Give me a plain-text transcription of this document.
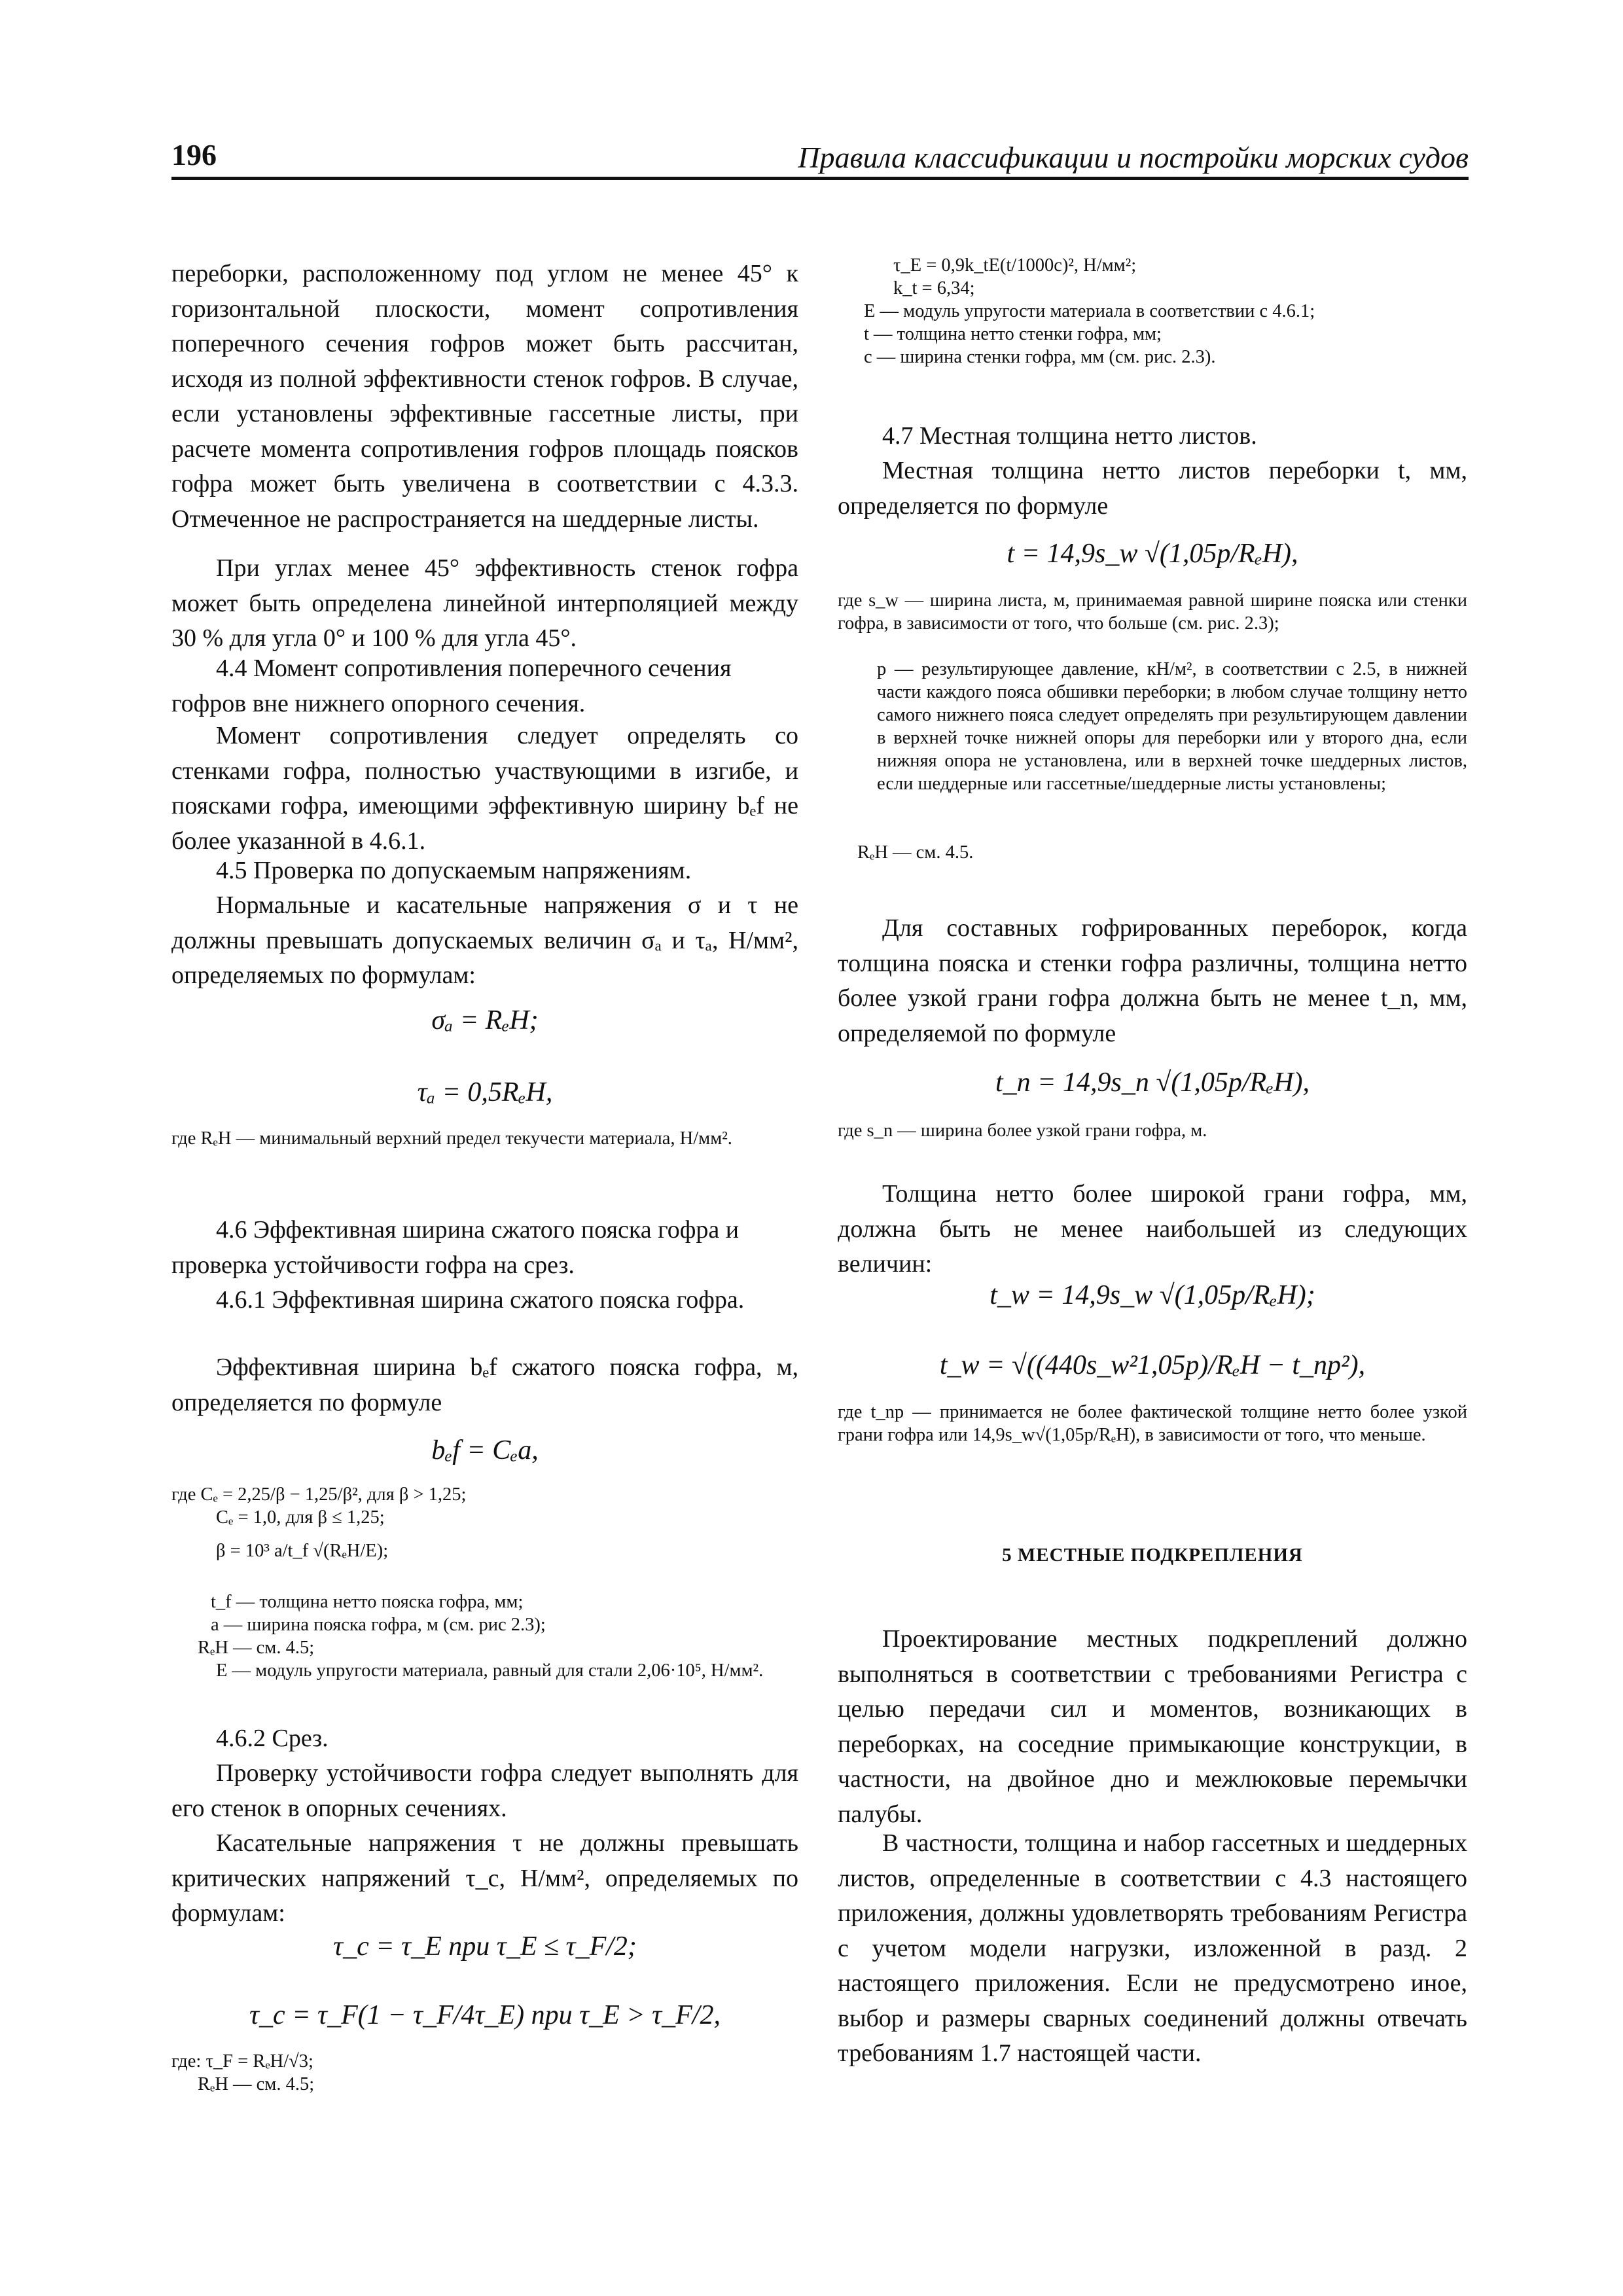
196	Правила классификации и постройки морских судов

переборки, расположенному под углом не менее 45° к горизонтальной плоскости, момент сопротивления поперечного сечения гофров может быть рассчитан, исходя из полной эффективности стенок гофров. В случае, если установлены эффективные гассетные листы, при расчете момента сопротивления гофров площадь поясков гофра может быть увеличена в соответствии с 4.3.3. Отмеченное не распространяется на шеддерные листы.

При углах менее 45° эффективность стенок гофра может быть определена линейной интерполяцией между 30 % для угла 0° и 100 % для угла 45°.

4.4 Момент сопротивления поперечного сечения гофров вне нижнего опорного сечения.

Момент сопротивления следует определять со стенками гофра, полностью участвующими в изгибе, и поясками гофра, имеющими эффективную ширину bₑf не более указанной в 4.6.1.

4.5 Проверка по допускаемым напряжениям.

Нормальные и касательные напряжения σ и τ не должны превышать допускаемых величин σₐ и τₐ, Н/мм², определяемых по формулам:

σₐ = RₑH;
τₐ = 0,5RₑH,

где RₑH — минимальный верхний предел текучести материала, Н/мм².

4.6 Эффективная ширина сжатого пояска гофра и проверка устойчивости гофра на срез.

4.6.1 Эффективная ширина сжатого пояска гофра.

Эффективная ширина bₑf сжатого пояска гофра, м, определяется по формуле

bₑf = Cₑa,

где Cₑ = 2,25/β − 1,25/β², для β > 1,25;

Cₑ = 1,0, для β ≤ 1,25;

β = 10³ a/t_f √(RₑH/E);

t_f — толщина нетто пояска гофра, мм;

a — ширина пояска гофра, м (см. рис 2.3);

RₑH — см. 4.5;

E — модуль упругости материала, равный для стали 2,06·10⁵, Н/мм².

4.6.2 Срез.

Проверку устойчивости гофра следует выполнять для его стенок в опорных сечениях.

Касательные напряжения τ не должны превышать критических напряжений τ_c, Н/мм², определяемых по формулам:

τ_c = τ_E при τ_E ≤ τ_F/2;
τ_c = τ_F(1 − τ_F/4τ_E) при τ_E > τ_F/2,

где: τ_F = RₑH/√3;

RₑH — см. 4.5;

τ_E = 0,9k_tE(t/1000c)², Н/мм²;

k_t = 6,34;

E — модуль упругости материала в соответствии с 4.6.1;

t — толщина нетто стенки гофра, мм;

c — ширина стенки гофра, мм (см. рис. 2.3).

4.7 Местная толщина нетто листов.

Местная толщина нетто листов переборки t, мм, определяется по формуле

t = 14,9s_w √(1,05p/RₑH),

где s_w — ширина листа, м, принимаемая равной ширине пояска или стенки гофра, в зависимости от того, что больше (см. рис. 2.3);

p — результирующее давление, кН/м², в соответствии с 2.5, в нижней части каждого пояса обшивки переборки; в любом случае толщину нетто самого нижнего пояса следует определять при результирующем давлении в верхней точке нижней опоры для переборки или у второго дна, если нижняя опора не установлена, или в верхней точке шеддерных листов, если шеддерные или гассетные/шеддерные листы установлены;

RₑH — см. 4.5.

Для составных гофрированных переборок, когда толщина пояска и стенки гофра различны, толщина нетто более узкой грани гофра должна быть не менее t_n, мм, определяемой по формуле

t_n = 14,9s_n √(1,05p/RₑH),

где s_n — ширина более узкой грани гофра, м.

Толщина нетто более широкой грани гофра, мм, должна быть не менее наибольшей из следующих величин:

t_w = 14,9s_w √(1,05p/RₑH);
t_w = √((440s_w²1,05p)/RₑH − t_np²),

где t_np — принимается не более фактической толщине нетто более узкой грани гофра или 14,9s_w√(1,05p/RₑH), в зависимости от того, что меньше.

5 МЕСТНЫЕ ПОДКРЕПЛЕНИЯ

Проектирование местных подкреплений должно выполняться в соответствии с требованиями Регистра с целью передачи сил и моментов, возникающих в переборках, на соседние примыкающие конструкции, в частности, на двойное дно и межлюковые перемычки палубы.

В частности, толщина и набор гассетных и шеддерных листов, определенные в соответствии с 4.3 настоящего приложения, должны удовлетворять требованиям Регистра с учетом модели нагрузки, изложенной в разд. 2 настоящего приложения. Если не предусмотрено иное, выбор и размеры сварных соединений должны отвечать требованиям 1.7 настоящей части.
